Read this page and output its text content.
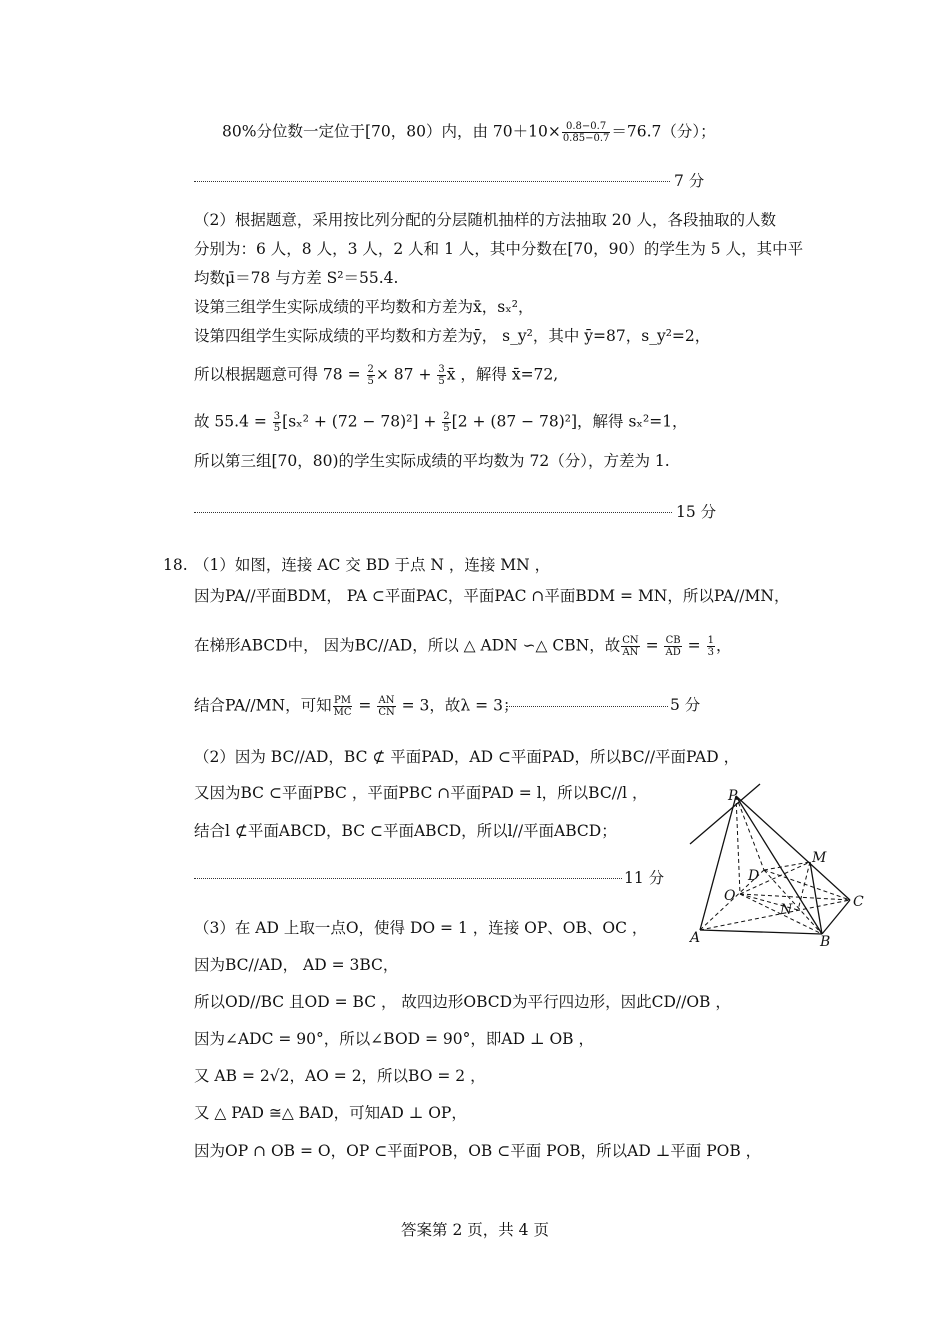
80%分位数一定位于[70，80）内，由 $70+10\times \frac{0.8-0.7}{0.85-0.7} =76.7$（分）；
7 分
（2）根据题意，采用按比列分配的分层随机抽样的方法抽取 20 人，各段抽取的人数
分别为：6 人，8 人，3 人，2 人和 1 人，其中分数在[70，90）的学生为 5 人，其中平
均数μ̄＝78 与方差 S²＝55.4.
设第三组学生实际成绩的平均数和方差为x̄，sₓ²，
设第四组学生实际成绩的平均数和方差为ȳ， s_y²，其中 ȳ=87，s_y²=2，
所以根据题意可得 $78 = \frac{2}{5} \times 87 + \frac{3}{5}$ x̄ ，解得 x̄=72,
故 $55.4 = \frac{3}{5} [s_x^2 + (72 - 78)^2] + \frac{2}{5} [2 + (87 - 78)^2]$，解得 sₓ²=1，
所以第三组[70，80)的学生实际成绩的平均数为 72（分），方差为 1.
15 分
18. （1）如图，连接 AC 交 BD 于点 N ，连接 MN ，
因为PA//平面BDM， PA ⊂平面PAC，平面PAC ∩平面BDM = MN，所以PA//MN，
在梯形ABCD中， 因为BC//AD，所以 △ ADN ∽△ CBN，故 $\frac{CN}{AN} = \frac{CB}{AD} = \frac{1}{3}$ ，
结合PA//MN，可知 $\frac{PM}{MC} = \frac{AN}{CN} = 3$，故λ = 3；	5 分
（2）因为 BC//AD，BC ⊄ 平面PAD，AD ⊂平面PAD，所以BC//平面PAD ，
又因为BC ⊂平面PBC ，平面PBC ∩平面PAD = l，所以BC//l ，
结合l ⊄平面ABCD，BC ⊂平面ABCD，所以l//平面ABCD；
11 分
（3）在 AD 上取一点O，使得 DO = 1 ，连接 OP、OB、OC ，
因为BC//AD， AD = 3BC，
所以OD//BC 且OD = BC ， 故四边形OBCD为平行四边形，因此CD//OB ，
因为∠ADC = 90°，所以∠BOD = 90°，即AD ⊥ OB ，
又 AB = 2√2，AO = 2，所以BO = 2 ，
又 △ PAD ≅△ BAD，可知AD ⊥ OP，
因为OP ∩ OB = O，OP ⊂平面POB，OB ⊂平面 POB，所以AD ⊥平面 POB ，
P
M
D
O
N	C
A	B
答案第 2 页，共 4 页
